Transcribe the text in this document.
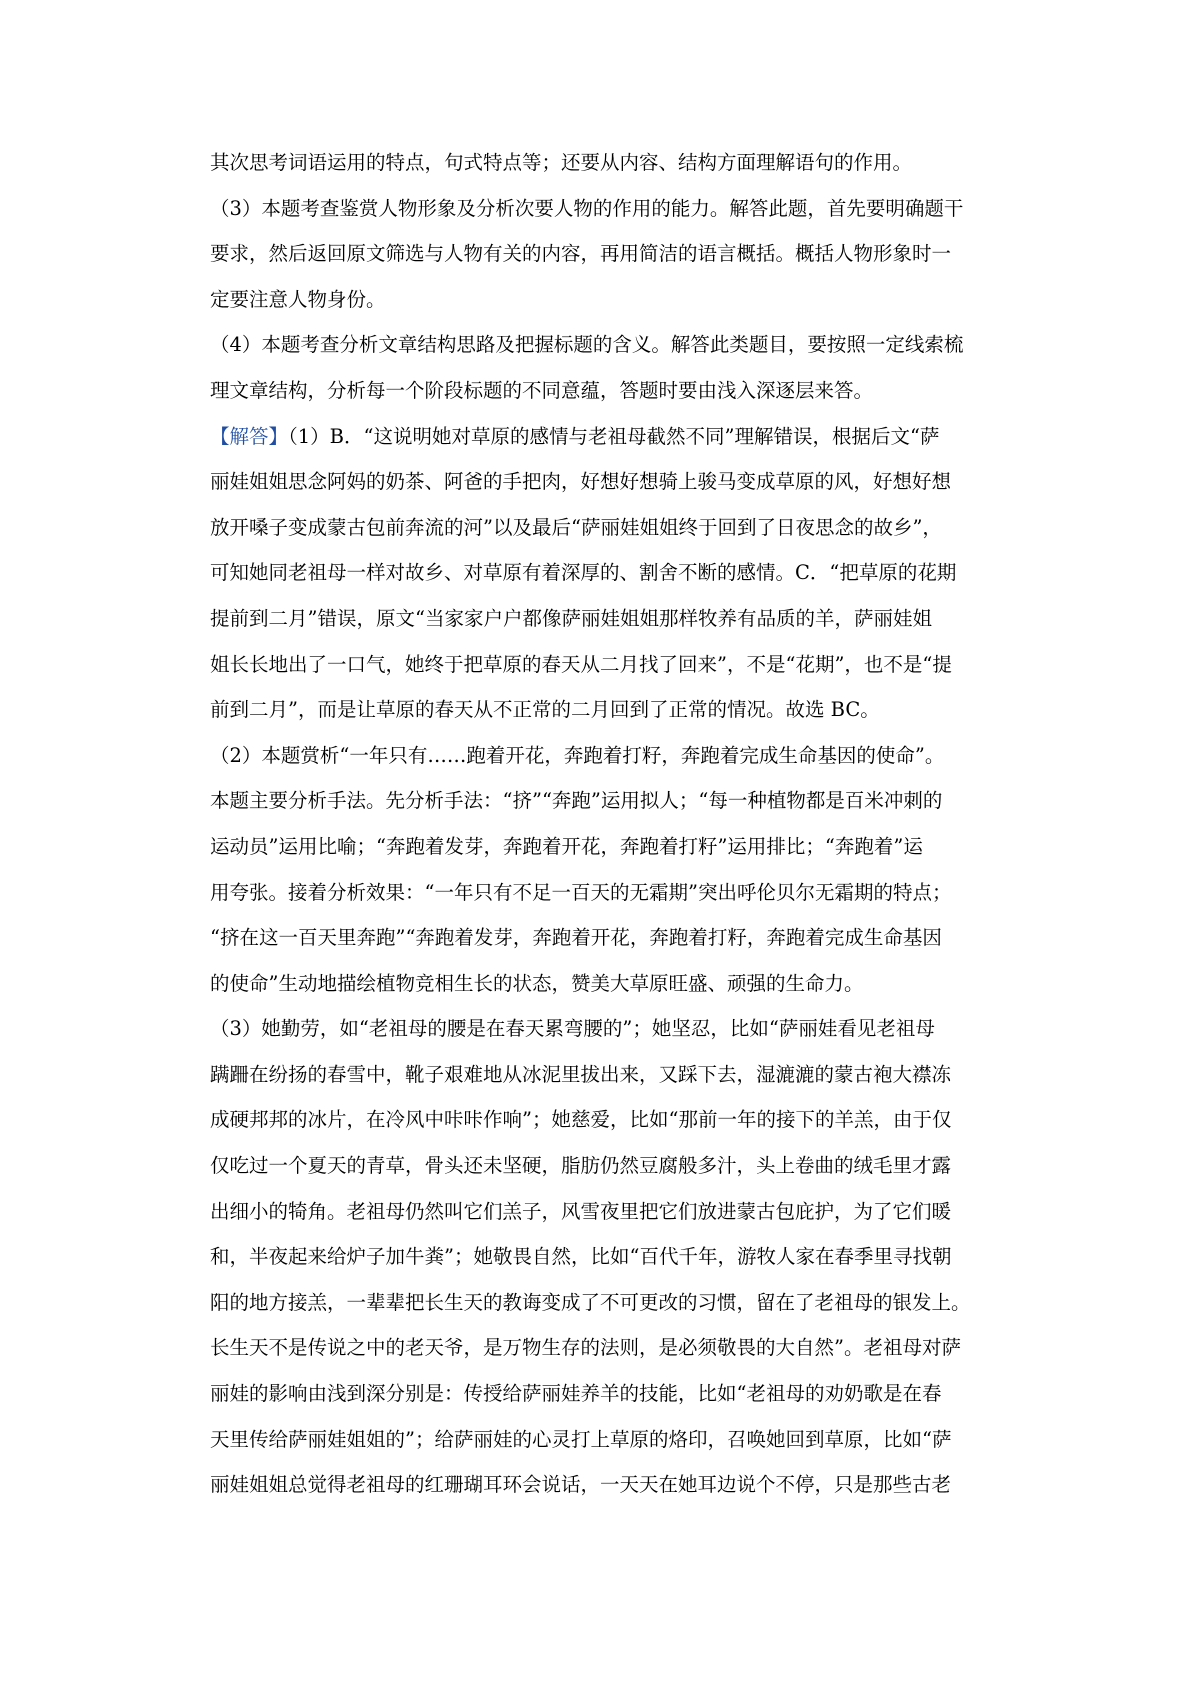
其次思考词语运用的特点，句式特点等；还要从内容、结构方面理解语句的作用。
（3）本题考查鉴赏人物形象及分析次要人物的作用的能力。解答此题，首先要明确题干
要求，然后返回原文筛选与人物有关的内容，再用简洁的语言概括。概括人物形象时一
定要注意人物身份。
（4）本题考查分析文章结构思路及把握标题的含义。解答此类题目，要按照一定线索梳
理文章结构，分析每一个阶段标题的不同意蕴，答题时要由浅入深逐层来答。
【解答】（1）B．“这说明她对草原的感情与老祖母截然不同”理解错误，根据后文“萨
丽娃姐姐思念阿妈的奶茶、阿爸的手把肉，好想好想骑上骏马变成草原的风，好想好想
放开嗓子变成蒙古包前奔流的河”以及最后“萨丽娃姐姐终于回到了日夜思念的故乡”，
可知她同老祖母一样对故乡、对草原有着深厚的、割舍不断的感情。C．“把草原的花期
提前到二月”错误，原文“当家家户户都像萨丽娃姐姐那样牧养有品质的羊，萨丽娃姐
姐长长地出了一口气，她终于把草原的春天从二月找了回来”，不是“花期”，也不是“提
前到二月”，而是让草原的春天从不正常的二月回到了正常的情况。故选 BC。
（2）本题赏析“一年只有……跑着开花，奔跑着打籽，奔跑着完成生命基因的使命”。
本题主要分析手法。先分析手法：“挤”“奔跑”运用拟人；“每一种植物都是百米冲刺的
运动员”运用比喻；“奔跑着发芽，奔跑着开花，奔跑着打籽”运用排比；“奔跑着”运
用夸张。接着分析效果：“一年只有不足一百天的无霜期”突出呼伦贝尔无霜期的特点；
“挤在这一百天里奔跑”“奔跑着发芽，奔跑着开花，奔跑着打籽，奔跑着完成生命基因
的使命”生动地描绘植物竞相生长的状态，赞美大草原旺盛、顽强的生命力。
（3）她勤劳，如“老祖母的腰是在春天累弯腰的”；她坚忍，比如“萨丽娃看见老祖母
蹒跚在纷扬的春雪中，靴子艰难地从冰泥里拔出来，又踩下去，湿漉漉的蒙古袍大襟冻
成硬邦邦的冰片，在冷风中咔咔作响”；她慈爱，比如“那前一年的接下的羊羔，由于仅
仅吃过一个夏天的青草，骨头还未坚硬，脂肪仍然豆腐般多汁，头上卷曲的绒毛里才露
出细小的犄角。老祖母仍然叫它们羔子，风雪夜里把它们放进蒙古包庇护，为了它们暖
和，半夜起来给炉子加牛粪”；她敬畏自然，比如“百代千年，游牧人家在春季里寻找朝
阳的地方接羔，一辈辈把长生天的教诲变成了不可更改的习惯，留在了老祖母的银发上。
长生天不是传说之中的老天爷，是万物生存的法则，是必须敬畏的大自然”。老祖母对萨
丽娃的影响由浅到深分别是：传授给萨丽娃养羊的技能，比如“老祖母的劝奶歌是在春
天里传给萨丽娃姐姐的”；给萨丽娃的心灵打上草原的烙印，召唤她回到草原，比如“萨
丽娃姐姐总觉得老祖母的红珊瑚耳环会说话，一天天在她耳边说个不停，只是那些古老
